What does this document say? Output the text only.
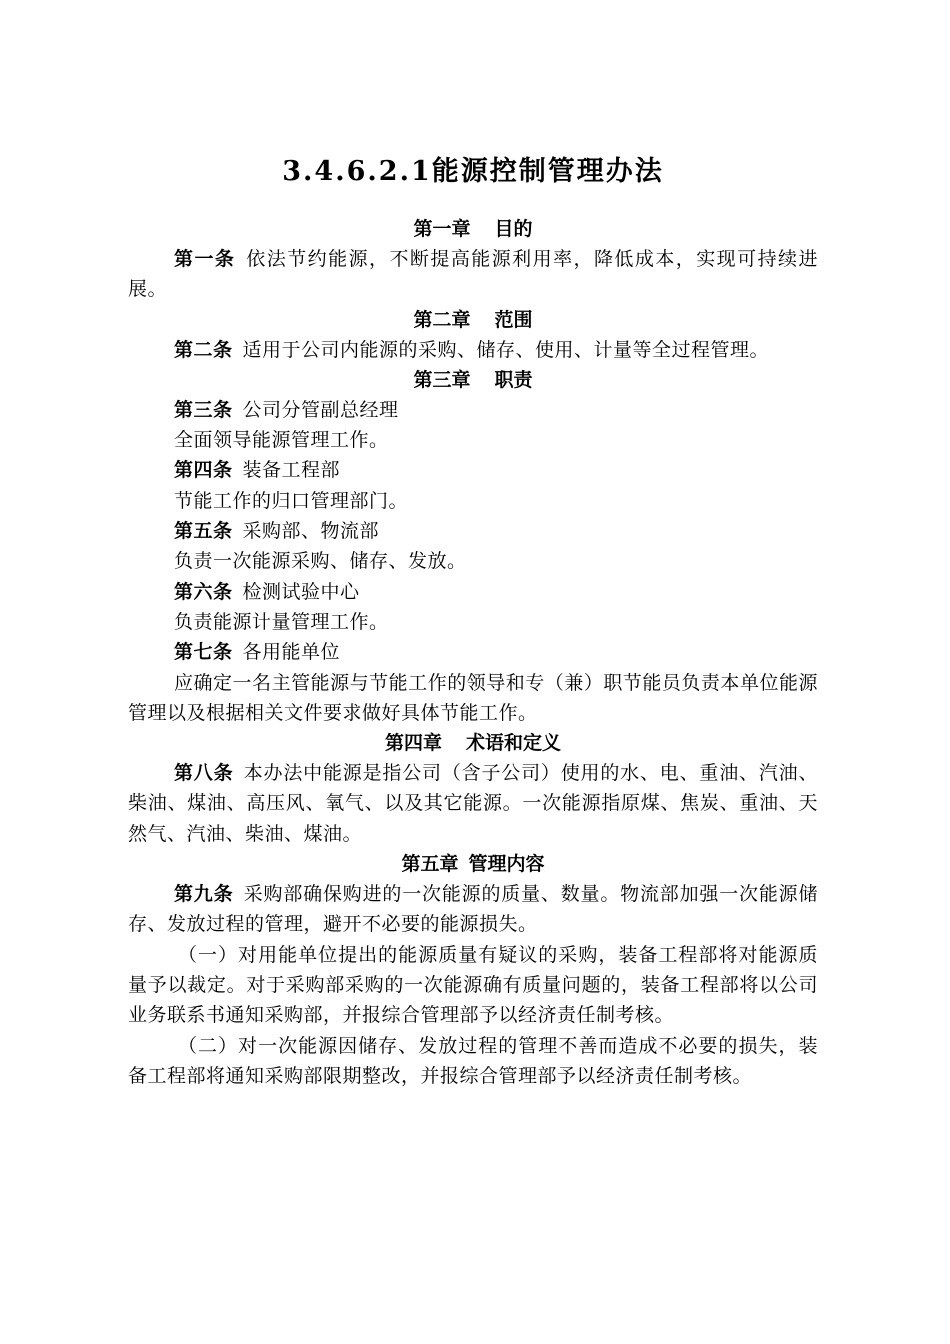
3.4.6.2.1能源控制管理办法
第一章 目的

第一条 依法节约能源，不断提高能源利用率，降低成本，实现可持续进展。

第二章 范围

第二条 适用于公司内能源的采购、储存、使用、计量等全过程管理。

第三章 职责

第三条 公司分管副总经理

全面领导能源管理工作。

第四条 装备工程部

节能工作的归口管理部门。

第五条 采购部、物流部

负责一次能源采购、储存、发放。

第六条 检测试验中心

负责能源计量管理工作。

第七条 各用能单位

应确定一名主管能源与节能工作的领导和专（兼）职节能员负责本单位能源管理以及根据相关文件要求做好具体节能工作。

第四章 术语和定义

第八条 本办法中能源是指公司（含子公司）使用的水、电、重油、汽油、柴油、煤油、高压风、氧气、以及其它能源。一次能源指原煤、焦炭、重油、天然气、汽油、柴油、煤油。

第五章 管理内容

第九条 采购部确保购进的一次能源的质量、数量。物流部加强一次能源储存、发放过程的管理，避开不必要的能源损失。

（一）对用能单位提出的能源质量有疑议的采购，装备工程部将对能源质量予以裁定。对于采购部采购的一次能源确有质量问题的，装备工程部将以公司业务联系书通知采购部，并报综合管理部予以经济责任制考核。

（二）对一次能源因储存、发放过程的管理不善而造成不必要的损失，装备工程部将通知采购部限期整改，并报综合管理部予以经济责任制考核。
